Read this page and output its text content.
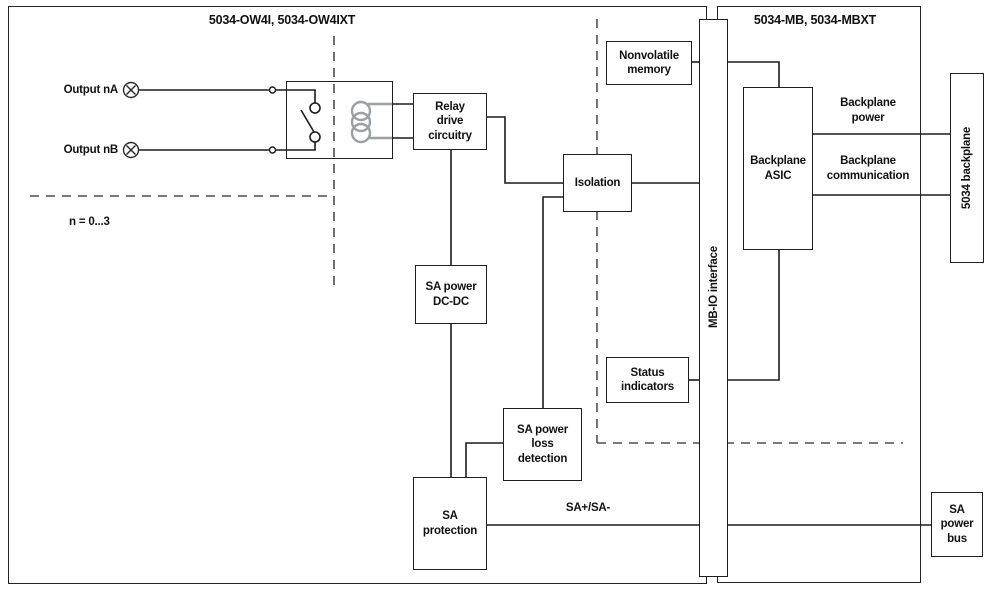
Relay drive circuitry
Isolation
SA power DC-DC
SA power loss detection
SA protection
Nonvolatile memory
Status indicators
Backplane ASIC
SA power bus
MB-IO interface
5034 backplane
5034-OW4I, 5034-OW4IXT	5034-MB, 5034-MBXT
Output nA
Output nB
n = 0...3
SA+/SA-
Backplane power
Backplane communication
